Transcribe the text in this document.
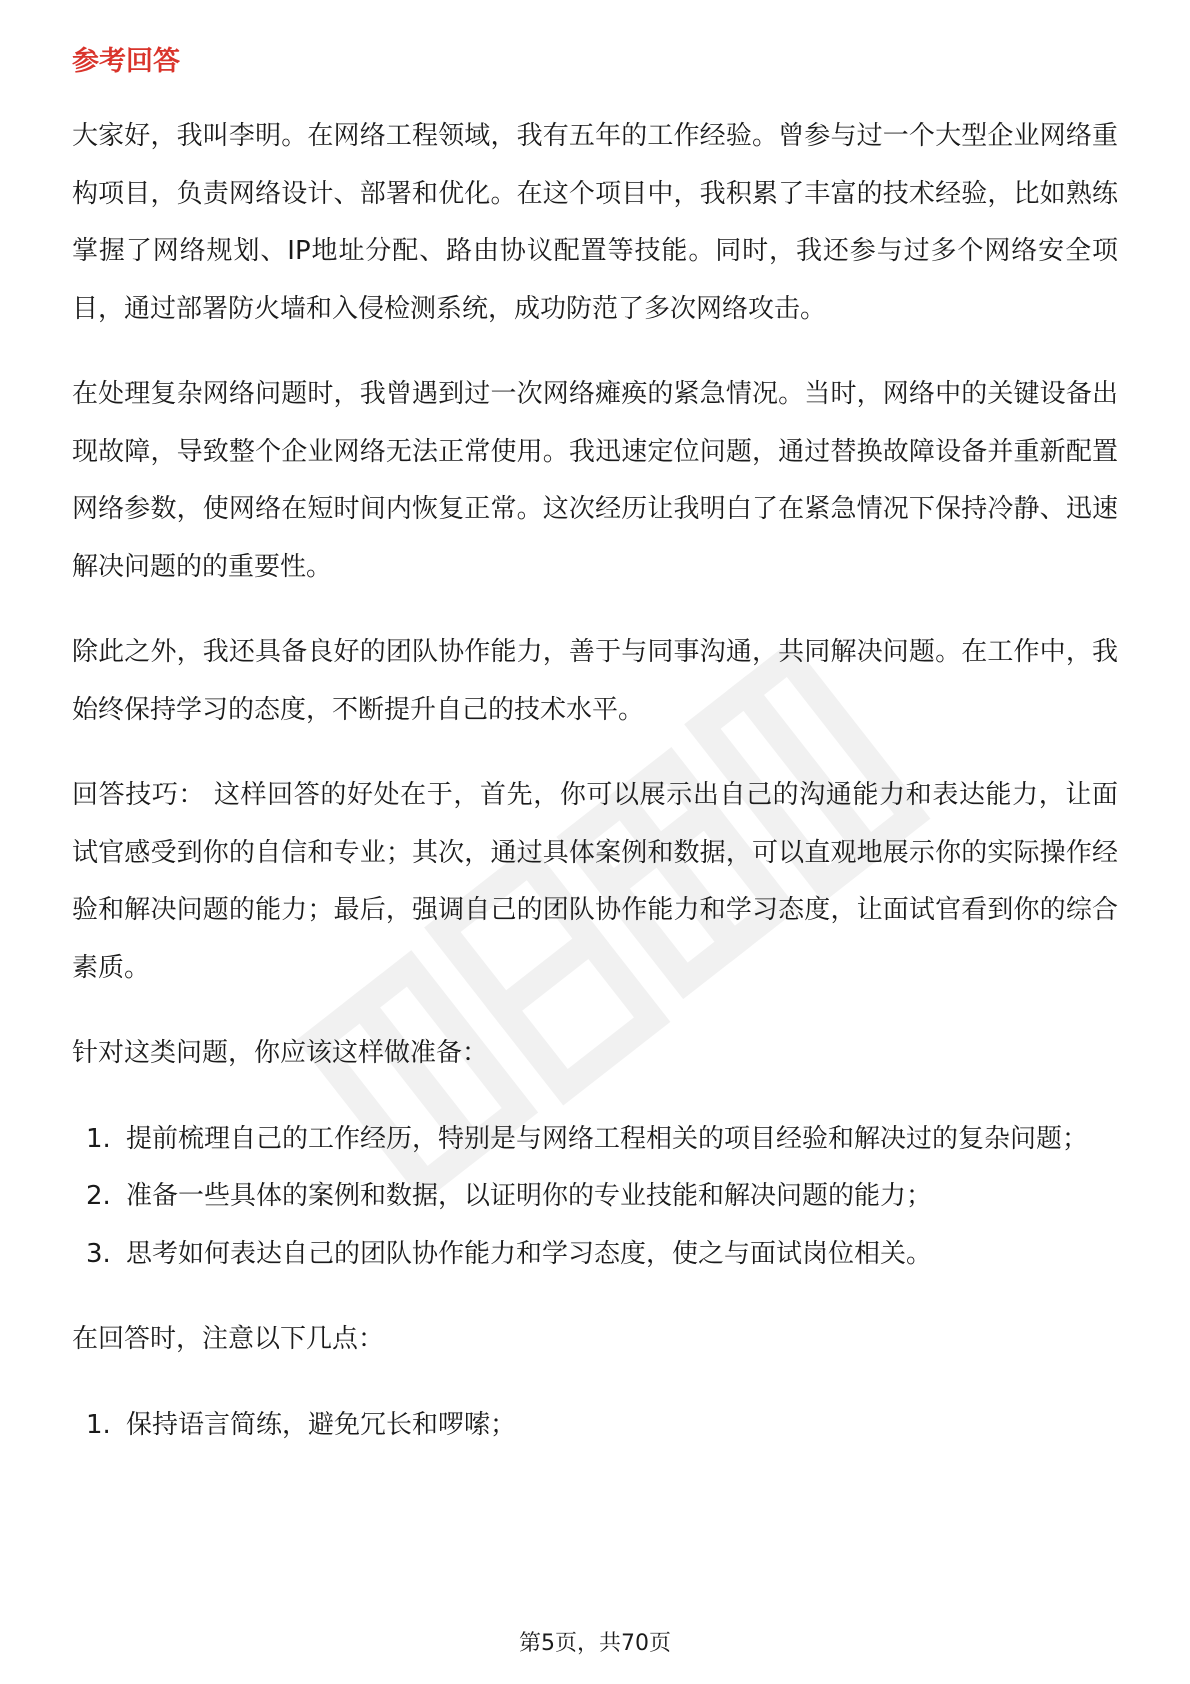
参考回答

大家好，我叫李明。在网络工程领域，我有五年的工作经验。曾参与过一个大型企业网络重构项目，负责网络设计、部署和优化。在这个项目中，我积累了丰富的技术经验，比如熟练掌握了网络规划、IP地址分配、路由协议配置等技能。同时，我还参与过多个网络安全项目，通过部署防火墙和入侵检测系统，成功防范了多次网络攻击。

在处理复杂网络问题时，我曾遇到过一次网络瘫痪的紧急情况。当时，网络中的关键设备出现故障，导致整个企业网络无法正常使用。我迅速定位问题，通过替换故障设备并重新配置网络参数，使网络在短时间内恢复正常。这次经历让我明白了在紧急情况下保持冷静、迅速解决问题的的重要性。

除此之外，我还具备良好的团队协作能力，善于与同事沟通，共同解决问题。在工作中，我始终保持学习的态度，不断提升自己的技术水平。

回答技巧： 这样回答的好处在于，首先，你可以展示出自己的沟通能力和表达能力，让面试官感受到你的自信和专业；其次，通过具体案例和数据，可以直观地展示你的实际操作经验和解决问题的能力；最后，强调自己的团队协作能力和学习态度，让面试官看到你的综合素质。

针对这类问题，你应该这样做准备：

1. 提前梳理自己的工作经历，特别是与网络工程相关的项目经验和解决过的复杂问题；
2. 准备一些具体的案例和数据，以证明你的专业技能和解决问题的能力；
3. 思考如何表达自己的团队协作能力和学习态度，使之与面试岗位相关。

在回答时，注意以下几点：

1. 保持语言简练，避免冗长和啰嗦；
第5页，共70页
